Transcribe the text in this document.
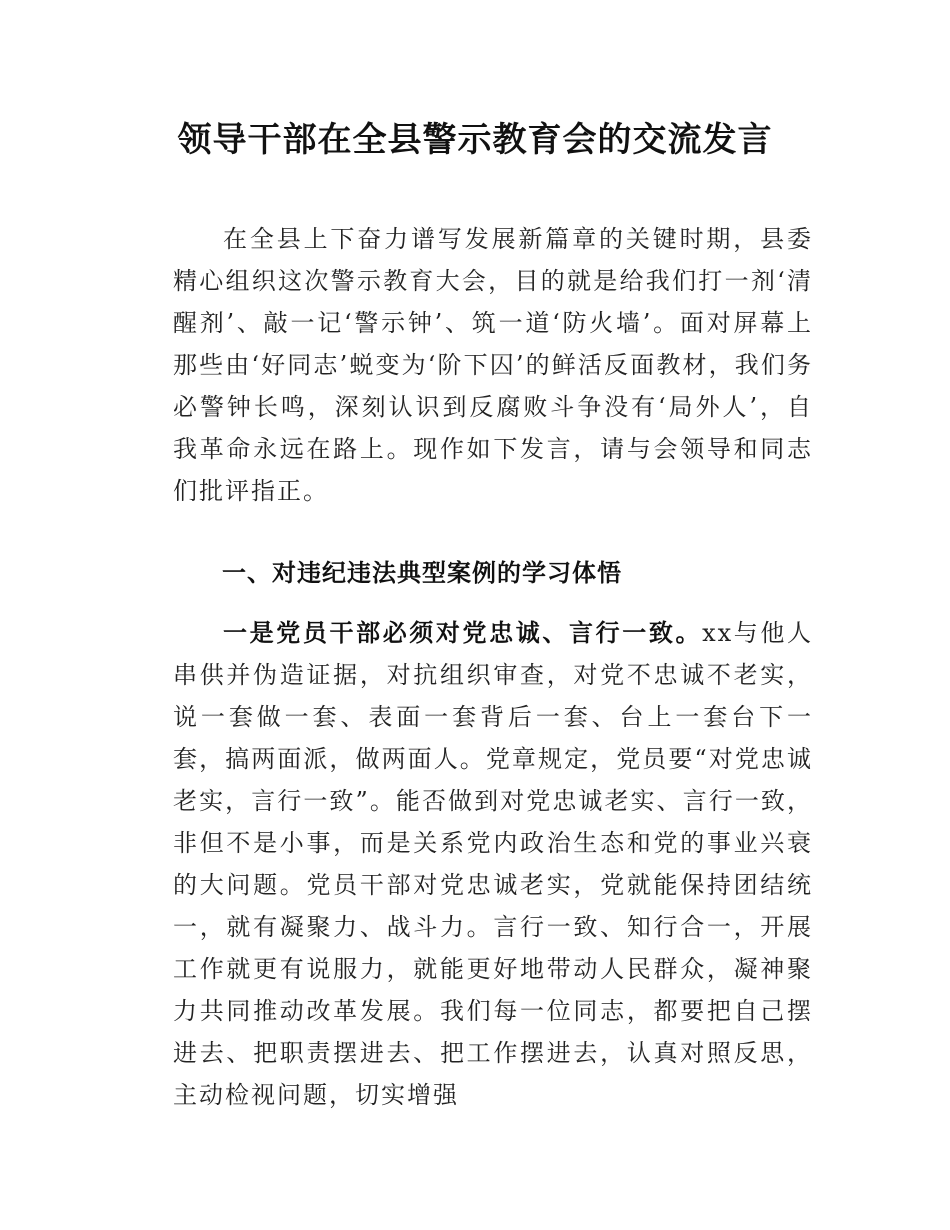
领导干部在全县警示教育会的交流发言

在全县上下奋力谱写发展新篇章的关键时期，县委精心组织这次警示教育大会，目的就是给我们打一剂‘清醒剂’、敲一记‘警示钟’、筑一道‘防火墙’。面对屏幕上那些由‘好同志’蜕变为‘阶下囚’的鲜活反面教材，我们务必警钟长鸣，深刻认识到反腐败斗争没有‘局外人’，自我革命永远在路上。现作如下发言，请与会领导和同志们批评指正。

一、对违纪违法典型案例的学习体悟

一是党员干部必须对党忠诚、言行一致。xx与他人串供并伪造证据，对抗组织审查，对党不忠诚不老实，说一套做一套、表面一套背后一套、台上一套台下一套，搞两面派，做两面人。党章规定，党员要“对党忠诚老实，言行一致”。能否做到对党忠诚老实、言行一致，非但不是小事，而是关系党内政治生态和党的事业兴衰的大问题。党员干部对党忠诚老实，党就能保持团结统一，就有凝聚力、战斗力。言行一致、知行合一，开展工作就更有说服力，就能更好地带动人民群众，凝神聚力共同推动改革发展。我们每一位同志，都要把自己摆进去、把职责摆进去、把工作摆进去，认真对照反思，主动检视问题，切实增强
